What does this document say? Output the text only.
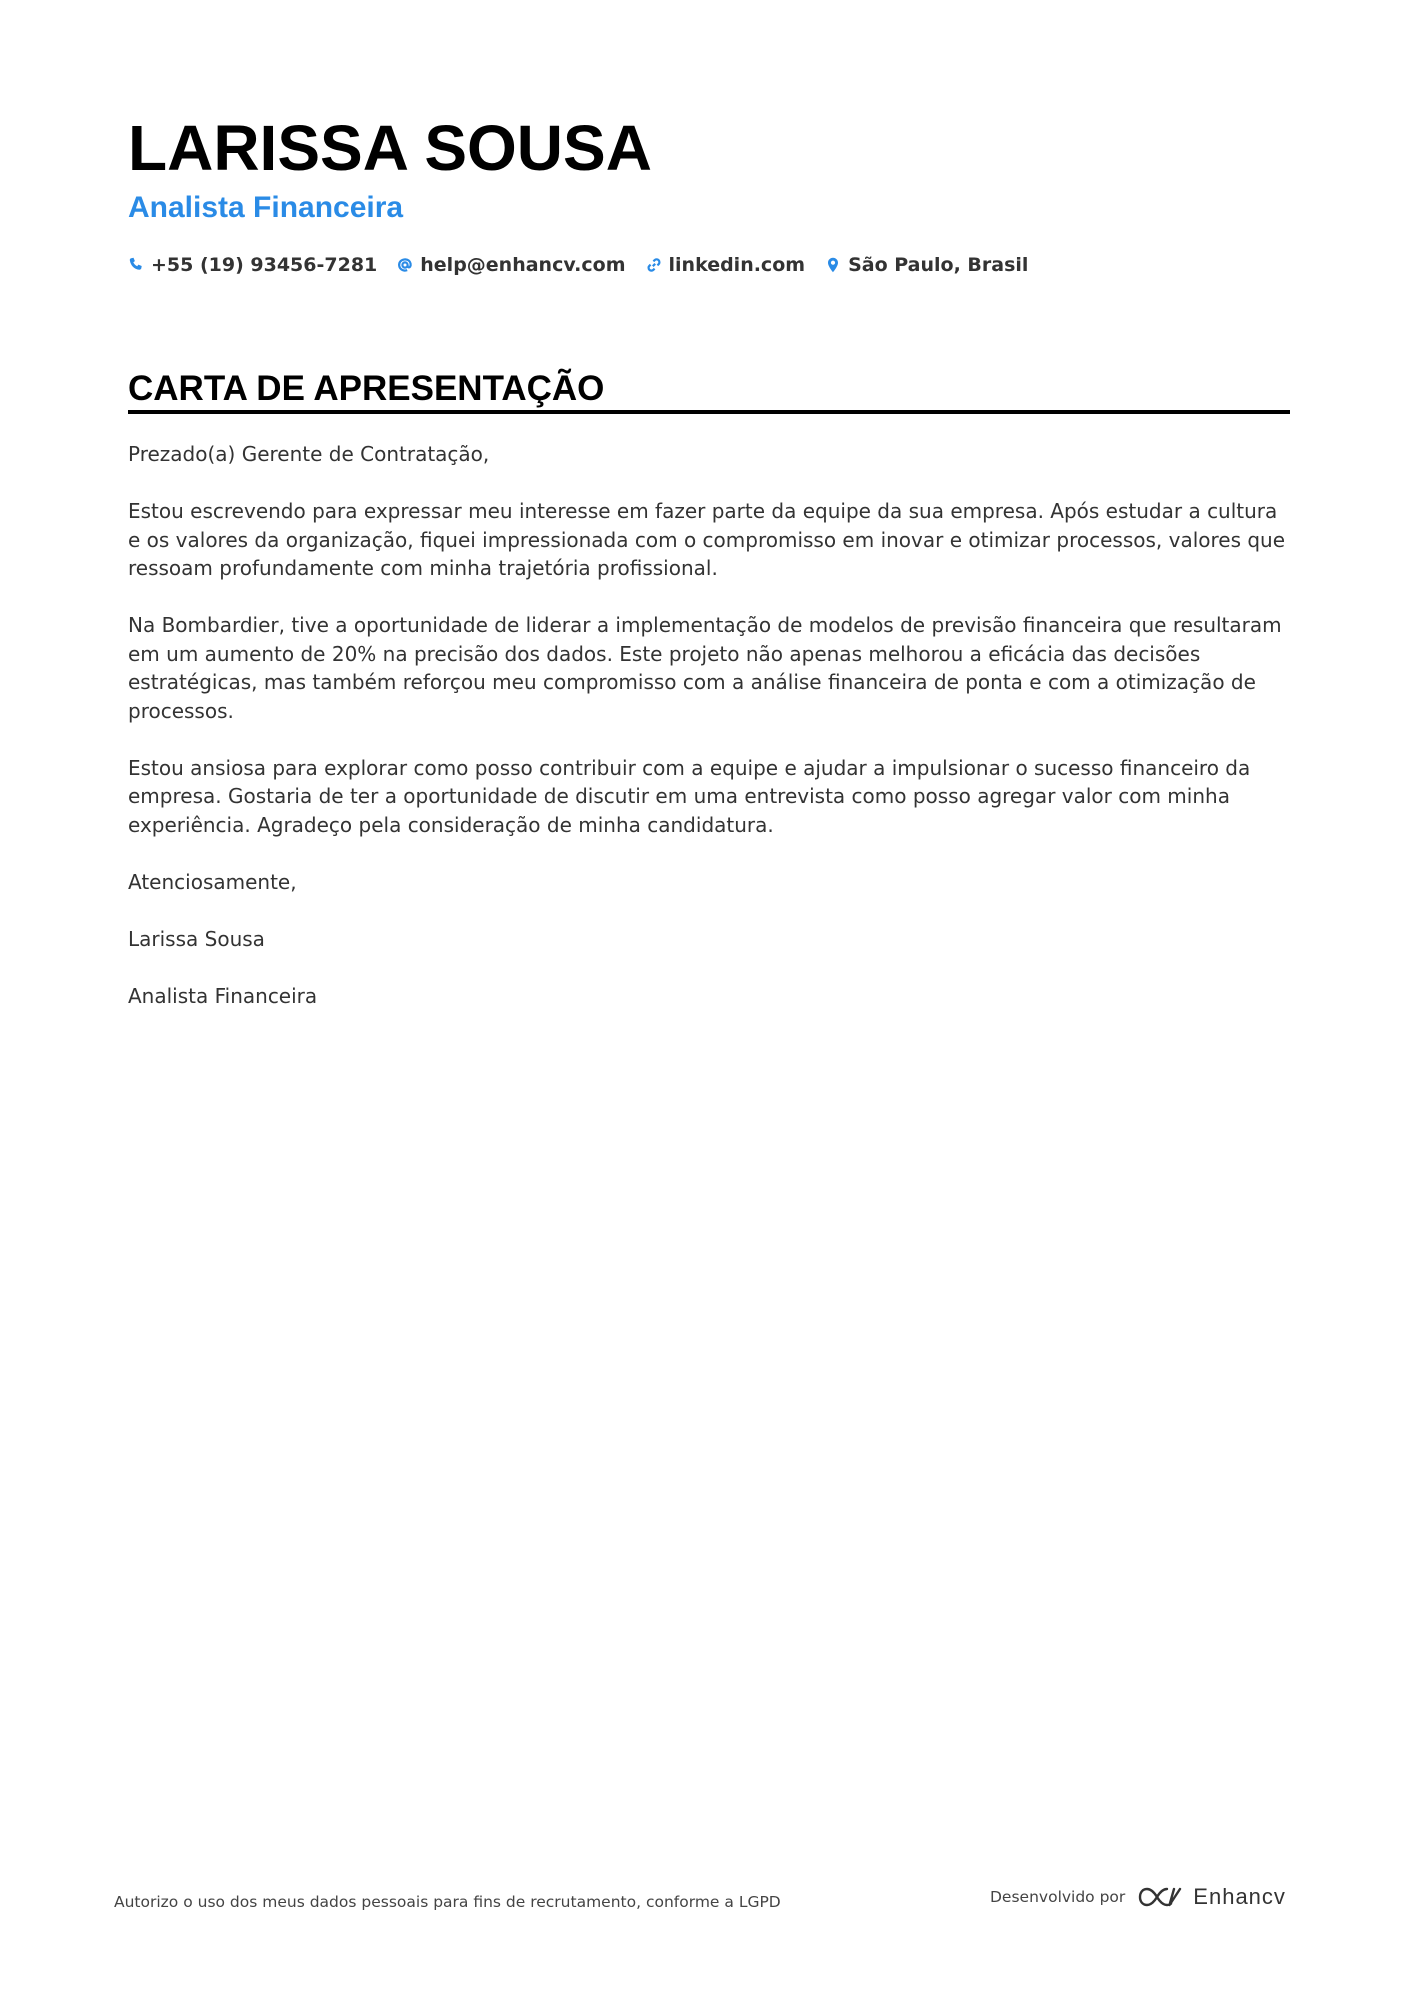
LARISSA SOUSA
Analista Financeira
+55 (19) 93456-7281 help@enhancv.com linkedin.com São Paulo, Brasil
CARTA DE APRESENTAÇÃO

Prezado(a) Gerente de Contratação,

Estou escrevendo para expressar meu interesse em fazer parte da equipe da sua empresa. Após estudar a cultura e os valores da organização, fiquei impressionada com o compromisso em inovar e otimizar processos, valores que ressoam profundamente com minha trajetória profissional.

Na Bombardier, tive a oportunidade de liderar a implementação de modelos de previsão financeira que resultaram em um aumento de 20% na precisão dos dados. Este projeto não apenas melhorou a eficácia das decisões estratégicas, mas também reforçou meu compromisso com a análise financeira de ponta e com a otimização de processos.

Estou ansiosa para explorar como posso contribuir com a equipe e ajudar a impulsionar o sucesso financeiro da empresa. Gostaria de ter a oportunidade de discutir em uma entrevista como posso agregar valor com minha experiência. Agradeço pela consideração de minha candidatura.

Atenciosamente,

Larissa Sousa

Analista Financeira

Autorizo o uso dos meus dados pessoais para fins de recrutamento, conforme a LGPD	Desenvolvido por	Enhancv
